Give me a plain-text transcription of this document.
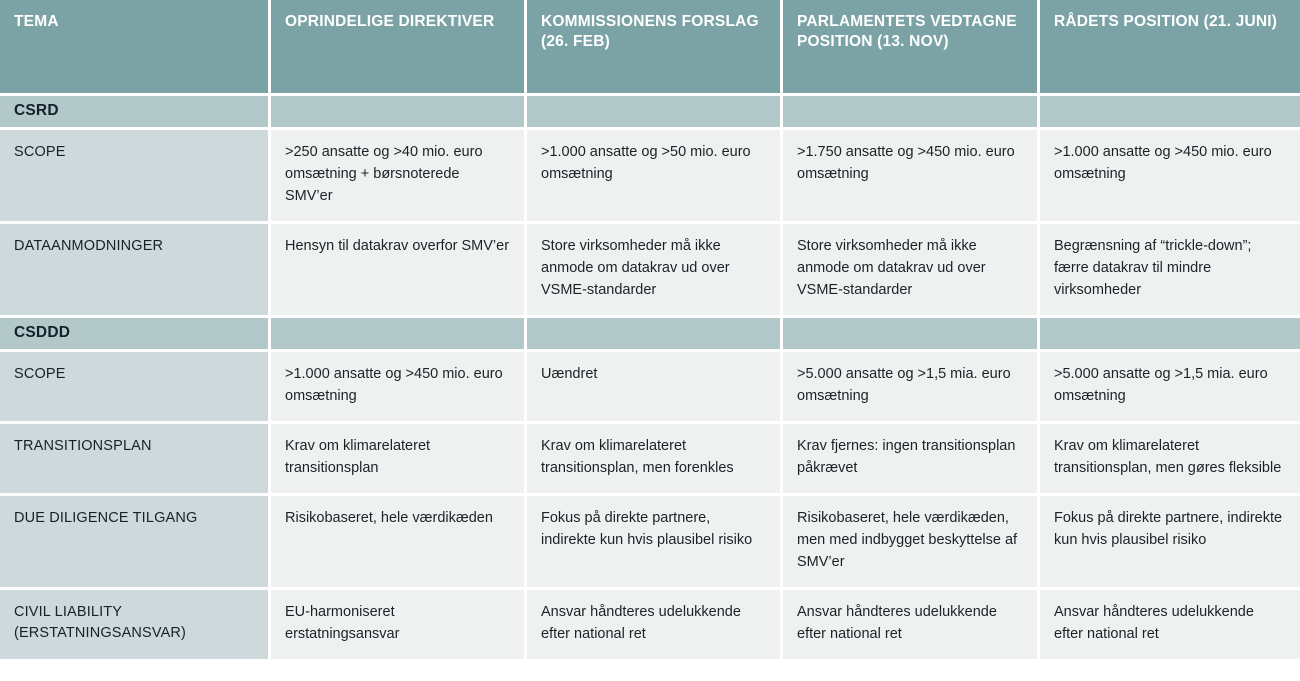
TEMA	OPRINDELIGE DIREKTIVER	KOMMISSIONENS FORSLAG (26. FEB)	PARLAMENTETS VEDTAGNE POSITION (13. NOV)	RÅDETS POSITION (21. JUNI)
CSRD				
SCOPE	>250 ansatte og >40 mio. euro omsætning + børsnoterede SMV’er	>1.000 ansatte og >50 mio. euro omsætning	>1.750 ansatte og >450 mio. euro omsætning	>1.000 ansatte og >450 mio. euro omsætning
DATAANMODNINGER	Hensyn til datakrav overfor SMV’er	Store virksomheder må ikke anmode om datakrav ud over VSME-standarder	Store virksomheder må ikke anmode om datakrav ud over VSME-standarder	Begrænsning af “trickle-down”; færre datakrav til mindre virksomheder
CSDDD				
SCOPE	>1.000 ansatte og >450 mio. euro omsætning	Uændret	>5.000 ansatte og >1,5 mia. euro omsætning	>5.000 ansatte og >1,5 mia. euro omsætning
TRANSITIONSPLAN	Krav om klimarelateret transitionsplan	Krav om klimarelateret transitionsplan, men forenkles	Krav fjernes: ingen transitionsplan påkrævet	Krav om klimarelateret transitionsplan, men gøres fleksible
DUE DILIGENCE TILGANG	Risikobaseret, hele værdikæden	Fokus på direkte partnere, indirekte kun hvis plausibel risiko	Risikobaseret, hele værdikæden, men med indbygget beskyttelse af SMV’er	Fokus på direkte partnere, indirekte kun hvis plausibel risiko
CIVIL LIABILITY (ERSTATNINGSANSVAR)	EU-harmoniseret erstatningsansvar	Ansvar håndteres udelukkende efter national ret	Ansvar håndteres udelukkende efter national ret	Ansvar håndteres udelukkende efter national ret
